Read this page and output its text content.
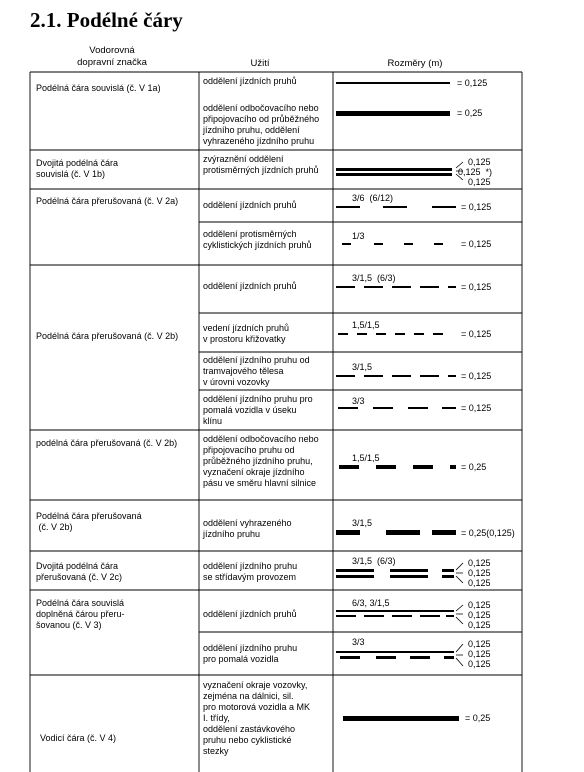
2.1. Podélné čáry
Vodorovná
dopravní značka	Užití	Rozměry (m)
Podélná čára souvislá (č. V 1a)
Dvojitá podélná čára
souvislá (č. V 1b)
Podélná čára přerušovaná (č. V 2a)
Podélná čára přerušovaná (č. V 2b)
podélná čára přerušovaná (č. V 2b)
Podélná čára přerušovaná
(č. V 2b)
Dvojitá podélná čára
přerušovaná (č. V 2c)
Podélná čára souvislá
doplněná čárou přeru-
šovanou (č. V 3)
Vodicí čára (č. V 4)
oddělení jízdních pruhů
oddělení odbočovacího nebo
připojovacího od průběžného
jízdního pruhu, oddělení
vyhrazeného jízdního pruhu
zvýraznění oddělení
protisměrných jízdních pruhů
oddělení jízdních pruhů
oddělení protisměrných
cyklistických jízdních pruhů
oddělení jízdních pruhů
vedení jízdních pruhů
v prostoru křižovatky
oddělení jízdního pruhu od
tramvajového tělesa
v úrovni vozovky
oddělení jízdního pruhu pro
pomalá vozidla v úseku
klínu
oddělení odbočovacího nebo
připojovacího pruhu od
průběžného jízdního pruhu,
vyznačení okraje jízdního
pásu ve směru hlavní silnice
oddělení vyhrazeného
jízdního pruhu
oddělení jízdního pruhu
se střídavým provozem
oddělení jízdních pruhů
oddělení jízdního pruhu
pro pomalá vozidla
vyznačení okraje vozovky,
zejména na dálnici, sil.
pro motorová vozidla a MK
I. třídy,
oddělení zastávkového
pruhu nebo cyklistické
stezky
3/6  (6/12)
1/3
3/1,5  (6/3)
1,5/1,5
3/1,5
3/3
1,5/1,5
3/1,5
3/1,5  (6/3)
6/3, 3/1,5
3/3
= 0,125
= 0,25
0,125
0,125  *)
0,125
= 0,125
= 0,125
= 0,125
= 0,125
= 0,125
= 0,125
= 0,25
= 0,25(0,125)
0,125
0,125
0,125
0,125
0,125
0,125
0,125
0,125
0,125
= 0,25
